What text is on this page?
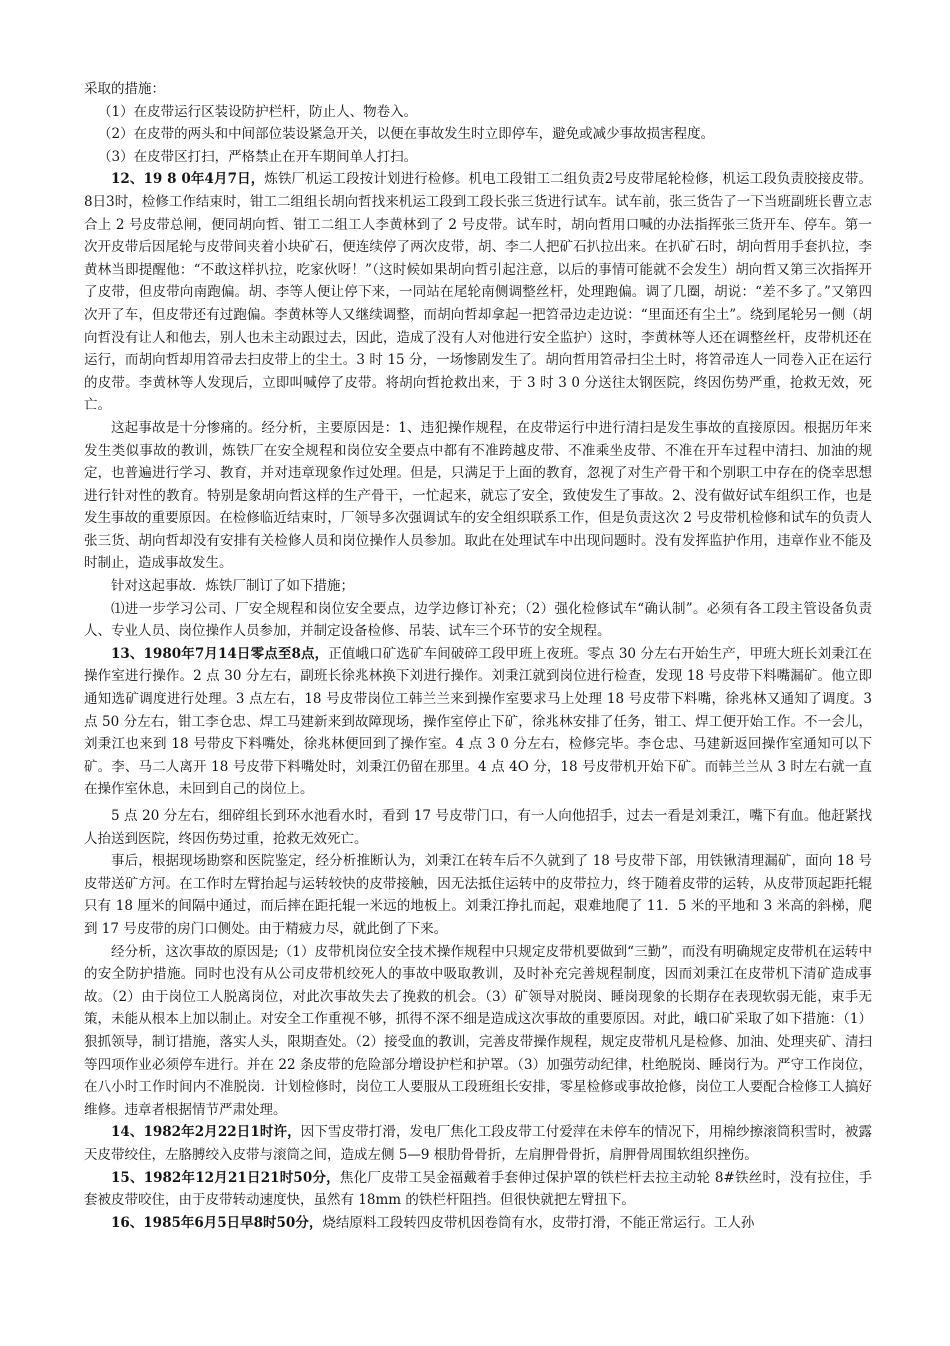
采取的措施：

（1）在皮带运行区装设防护栏杆，防止人、物卷入。

（2）在皮带的两头和中间部位装设紧急开关，以便在事故发生时立即停车，避免或减少事故损害程度。

（3）在皮带区打扫，严格禁止在开车期间单人打扫。

12、19 8 0年4月7日，炼铁厂机运工段按计划进行检修。机电工段钳工二组负责2号皮带尾轮检修，机运工段负责胶接皮带。8日3时，检修工作结束时，钳工二组组长胡向哲找来机运工段到工段长张三货进行试车。试车前，张三货告了一下当班副班长曹立志合上 2 号皮带总闸，便同胡向哲、钳工二组工人李黄林到了 2 号皮带。试车时，胡向哲用口喊的办法指挥张三货开车、停车。第一次开皮带后因尾轮与皮带间夹着小块矿石，便连续停了两次皮带，胡、李二人把矿石扒拉出来。在扒矿石时，胡向哲用手套扒拉，李黄林当即提醒他：“不敢这样扒拉，吃家伙呀！”（这时候如果胡向哲引起注意，以后的事情可能就不会发生）胡向哲又第三次指挥开了皮带，但皮带向南跑偏。胡、李等人便让停下来，一同站在尾轮南侧调整丝杆，处理跑偏。调了几圈，胡说：“差不多了。”又第四次开了车，但皮带还有过跑偏。李黄林等人又继续调整，而胡向哲却拿起一把笤帚边走边说：“里面还有尘土”。绕到尾轮另一侧（胡向哲没有让人和他去，别人也未主动跟过去，因此，造成了没有人对他进行安全监护）这时，李黄林等人还在调整丝杆，皮带机还在运行，而胡向哲却用笤帚去扫皮带上的尘土。3 时 15 分，一场惨剧发生了。胡向哲用笤帚扫尘土时，将笤帚连人一同卷入正在运行的皮带。李黄林等人发现后，立即叫喊停了皮带。将胡向哲抢救出来，于 3 时 3 0 分送往太钢医院，终因伤势严重，抢救无效，死亡。

这起事故是十分惨痛的。经分析，主要原因是：1、违犯操作规程，在皮带运行中进行清扫是发生事故的直接原因。根据历年来发生类似事故的教训，炼铁厂在安全规程和岗位安全要点中都有不准跨越皮带、不准乘坐皮带、不准在开车过程中清扫、加油的规定，也普遍进行学习、教育，并对违章现象作过处理。但是，只满足于上面的教育，忽视了对生产骨干和个别职工中存在的侥幸思想进行针对性的教育。特别是象胡向哲这样的生产骨干，一忙起来，就忘了安全，致使发生了事故。2、没有做好试车组织工作，也是发生事故的重要原因。在检修临近结束时，厂领导多次强调试车的安全组织联系工作，但是负责这次 2 号皮带机检修和试车的负责人张三货、胡向哲却没有安排有关检修人员和岗位操作人员参加。取此在处理试车中出现问题时。没有发挥监护作用，违章作业不能及时制止，造成事故发生。

针对这起事故．炼铁厂制订了如下措施；

⑴进一步学习公司、厂安全规程和岗位安全要点，边学边修订补充；（2）强化检修试车“确认制”。必须有各工段主管设备负责人、专业人员、岗位操作人员参加，并制定设备检修、吊装、试车三个环节的安全规程。

13、1980年7月14日零点至8点，正值峨口矿选矿车间破碎工段甲班上夜班。零点 30 分左右开始生产，甲班大班长刘秉江在操作室进行操作。2 点 30 分左右，副班长徐兆林换下刘进行操作。刘秉江就到岗位进行检查，发现 18 号皮带下料嘴漏矿。他立即通知选矿调度进行处理。3 点左右，18 号皮带岗位工韩兰兰来到操作室要求马上处理 18 号皮带下料嘴，徐兆林又通知了调度。3 点 50 分左右，钳工李仓忠、焊工马建新来到故障现场，操作室停止下矿，徐兆林安排了任务，钳工、焊工便开始工作。不一会儿，刘秉江也来到 18 号带皮下料嘴处，徐兆林便回到了操作室。4 点 3 0 分左右，检修完毕。李仓忠、马建新返回操作室通知可以下矿。李、马二人离开 18 号皮带下料嘴处时，刘秉江仍留在那里。4 点 4O 分，18 号皮带机开始下矿。而韩兰兰从 3 时左右就一直在操作室休息，未回到自己的岗位上。

5 点 20 分左右，细碎组长到环水池看水时，看到 17 号皮带门口，有一人向他招手，过去一看是刘秉江，嘴下有血。他赶紧找人抬送到医院，终因伤势过重，抢救无效死亡。

事后，根据现场勘察和医院鉴定，经分析推断认为，刘秉江在转车后不久就到了 18 号皮带下部，用铁锹清理漏矿，面向 18 号皮带送矿方河。在工作时左臂抬起与运转较快的皮带接触，因无法抵住运转中的皮带拉力，终于随着皮带的运转，从皮带顶起距托辊只有 18 厘米的间隔中通过，而后摔在距托辊一米远的地板上。刘秉江挣扎而起，艰难地爬了 11．5 米的平地和 3 米高的斜梯，爬到 17 号皮带的房门口侧处。由于精疲力尽，就此倒了下来。

经分析，这次事故的原因是;（1）皮带机岗位安全技术操作规程中只规定皮带机要做到“三勤”，而没有明确规定皮带机在运转中的安全防护措施。同时也没有从公司皮带机绞死人的事故中吸取教训，及时补充完善规程制度，因而刘秉江在皮带机下清矿造成事故。（2）由于岗位工人脱离岗位，对此次事故失去了挽救的机会。（3）矿领导对脱岗、睡岗现象的长期存在表现软弱无能，束手无策，未能从根本上加以制止。对安全工作重视不够，抓得不深不细是造成这次事故的重要原因。对此，峨口矿采取了如下措施：（1）狠抓领导，制订措施，落实人头，限期查处。（2）接受血的教训，完善皮带操作规程，规定皮带机凡是检修、加油、处理夹矿、清扫等四项作业必须停车进行。并在 22 条皮带的危险部分增设护栏和护罩。（3）加强劳动纪律，杜绝脱岗、睡岗行为。严守工作岗位，在八小时工作时间内不准脱岗．计划检修时，岗位工人要服从工段班组长安排，零星检修或事故抢修，岗位工人要配合检修工人搞好维修。违章者根据情节严肃处理。

14、1982年2月22日1时许，因下雪皮带打滑，发电厂焦化工段皮带工付爱萍在未停车的情况下，用棉纱擦滚筒积雪时，被露天皮带绞住，左胳膊绞入皮带与滚筒之间，造成左侧 5—9 根肋骨骨折，左肩胛骨骨折，肩胛骨周围软组织挫伤。

15、1982年12月21日21时50分，焦化厂皮带工吴金福戴着手套伸过保护罩的铁栏杆去拉主动轮 8#铁丝时，没有拉住，手套被皮带咬住，由于皮带转动速度快，虽然有 18mm 的铁栏杆阻挡。但很快就把左臂扭下。

16、1985年6月5日早8时50分，烧结原料工段转四皮带机因卷筒有水，皮带打滑，不能正常运行。工人孙
